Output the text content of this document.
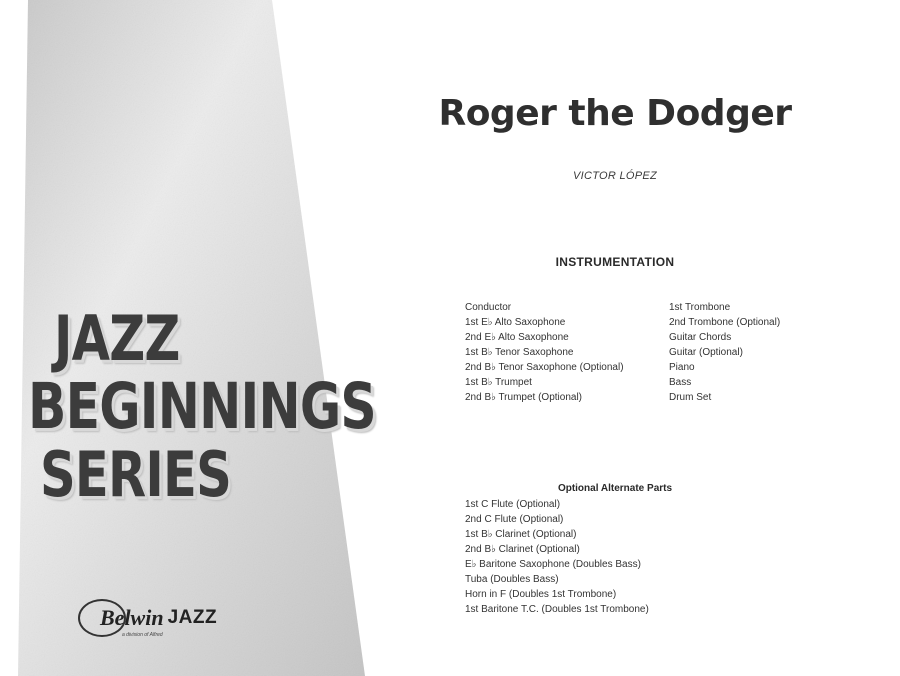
JAZZ
BEGINNINGS
SERIES
Belwin JAZZ
a division of Alfred
Roger the Dodger
VICTOR LÓPEZ
INSTRUMENTATION
Conductor
1st E♭ Alto Saxophone
2nd E♭ Alto Saxophone
1st B♭ Tenor Saxophone
2nd B♭ Tenor Saxophone (Optional)
1st B♭ Trumpet
2nd B♭ Trumpet (Optional)
1st Trombone
2nd Trombone (Optional)
Guitar Chords
Guitar (Optional)
Piano
Bass
Drum Set
Optional Alternate Parts
1st C Flute (Optional)
2nd C Flute (Optional)
1st B♭ Clarinet (Optional)
2nd B♭ Clarinet (Optional)
E♭ Baritone Saxophone (Doubles Bass)
Tuba (Doubles Bass)
Horn in F (Doubles 1st Trombone)
1st Baritone T.C. (Doubles 1st Trombone)
